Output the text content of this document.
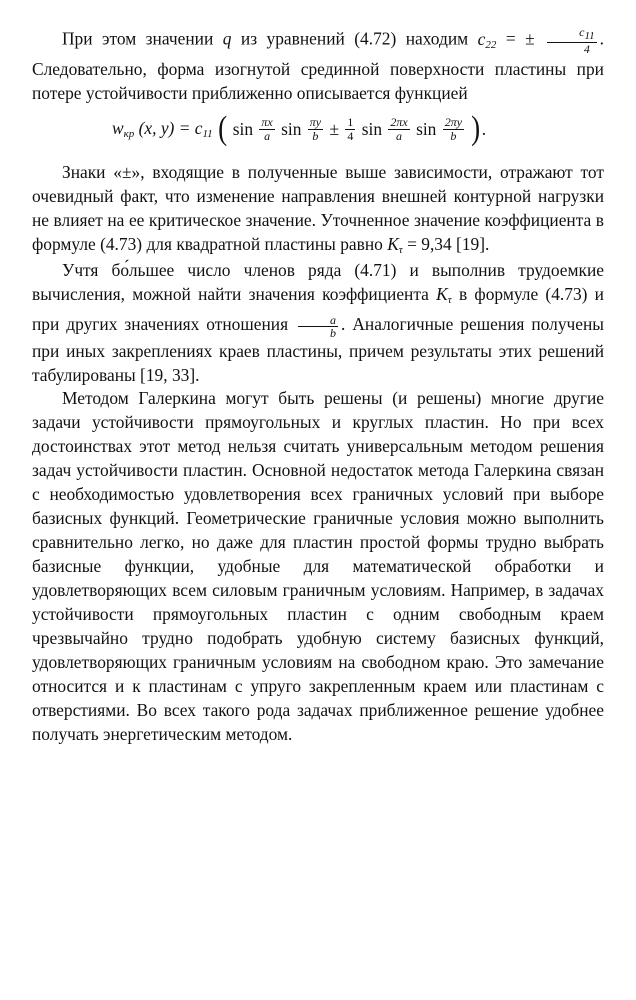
При этом значении q из уравнений (4.72) находим $c_{22}$ = ± $\frac{c_{11}}{4}$ . Следовательно, форма изогнутой срединной поверхности пластины при потере устойчивости приближенно описывается функцией

$w_{кр}$ (x, $y) = c_{11}$ ( $\sin \frac{\pi x}{a}$ $\sin \frac{\pi y}{b} \pm \frac{1}{4}$ $\sin \frac{2\pi x}{a}$ $\sin \frac{2\pi y}{b}$ ).

Знаки «±», входящие в полученные выше зависимости, отражают тот очевидный факт, что изменение направления внешней контурной нагрузки не влияет на ее критическое значение. Уточненное значение коэффициента в формуле (4.73) для квадратной пластины равно $K_\tau = 9,34$ [19].

Учтя бо́льшее число членов ряда (4.71) и выполнив трудоемкие вычисления, можной найти значения коэффициента $K_\tau$ в формуле (4.73) и при других значениях отношения $\frac{a}{b}$ . Аналогичные решения получены при иных закреплениях краев пластины, причем результаты этих решений табулированы [19, 33].

Методом Галеркина могут быть решены (и решены) многие другие задачи устойчивости прямоугольных и круглых пластин. Но при всех достоинствах этот метод нельзя считать универсальным методом решения задач устойчивости пластин. Основной недостаток метода Галеркина связан с необходимостью удовлетворения всех граничных условий при выборе базисных функций. Геометрические граничные условия можно выполнить сравнительно легко, но даже для пластин простой формы трудно выбрать базисные функции, удобные для математической обработки и удовлетворяющих всем силовым граничным условиям. Например, в задачах устойчивости прямоугольных пластин с одним свободным краем чрезвычайно трудно подобрать удобную систему базисных функций, удовлетворяющих граничным условиям на свободном краю. Это замечание относится и к пластинам с упруго закрепленным краем или пластинам с отверстиями. Во всех такого рода задачах приближенное решение удобнее получать энергетическим методом.
